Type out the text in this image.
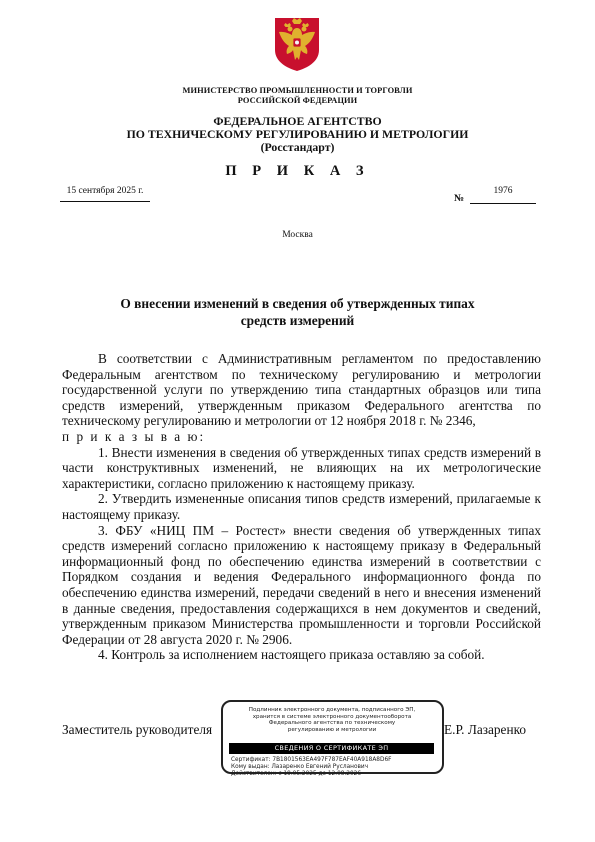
МИНИСТЕРСТВО ПРОМЫШЛЕННОСТИ И ТОРГОВЛИ
РОССИЙСКОЙ ФЕДЕРАЦИИ
ФЕДЕРАЛЬНОЕ АГЕНТСТВО
ПО ТЕХНИЧЕСКОМУ РЕГУЛИРОВАНИЮ И МЕТРОЛОГИИ
(Росстандарт)
П Р И К А З
15 сентября 2025 г.
№
1976
Москва
О внесении изменений в сведения об утвержденных типах
средств измерений

В соответствии с Административным регламентом по предоставлению Федеральным агентством по техническому регулированию и метрологии государственной услуги по утверждению типа стандартных образцов или типа средств измерений, утвержденным приказом Федерального агентства по техническому регулированию и метрологии от 12 ноября 2018 г. № 2346,
п р и к а з ы в а ю:

1. Внести изменения в сведения об утвержденных типах средств измерений в части конструктивных изменений, не влияющих на их метрологические характеристики, согласно приложению к настоящему приказу.

2. Утвердить измененные описания типов средств измерений, прилагаемые к настоящему приказу.

3. ФБУ «НИЦ ПМ – Ростест» внести сведения об утвержденных типах средств измерений согласно приложению к настоящему приказу в Федеральный информационный фонд по обеспечению единства измерений в соответствии с Порядком создания и ведения Федерального информационного фонда по обеспечению единства измерений, передачи сведений в него и внесения изменений в данные сведения, предоставления содержащихся в нем документов и сведений, утвержденным приказом Министерства промышленности и торговли Российской Федерации от 28 августа 2020 г. № 2906.

4. Контроль за исполнением настоящего приказа оставляю за собой.

Заместитель руководителя	Е.Р. Лазаренко
Подлинник электронного документа, подписанного ЭП,
хранится в системе электронного документооборота
Федерального агентства по техническому
регулированию и метрологии
СВЕДЕНИЯ О СЕРТИФИКАТЕ ЭП
Сертификат: 7B1801563EA497F787EAF40A918A8D6F
Кому выдан: Лазаренко Евгений Русланович
Действителен: с 19.05.2025 до 12.08.2026
